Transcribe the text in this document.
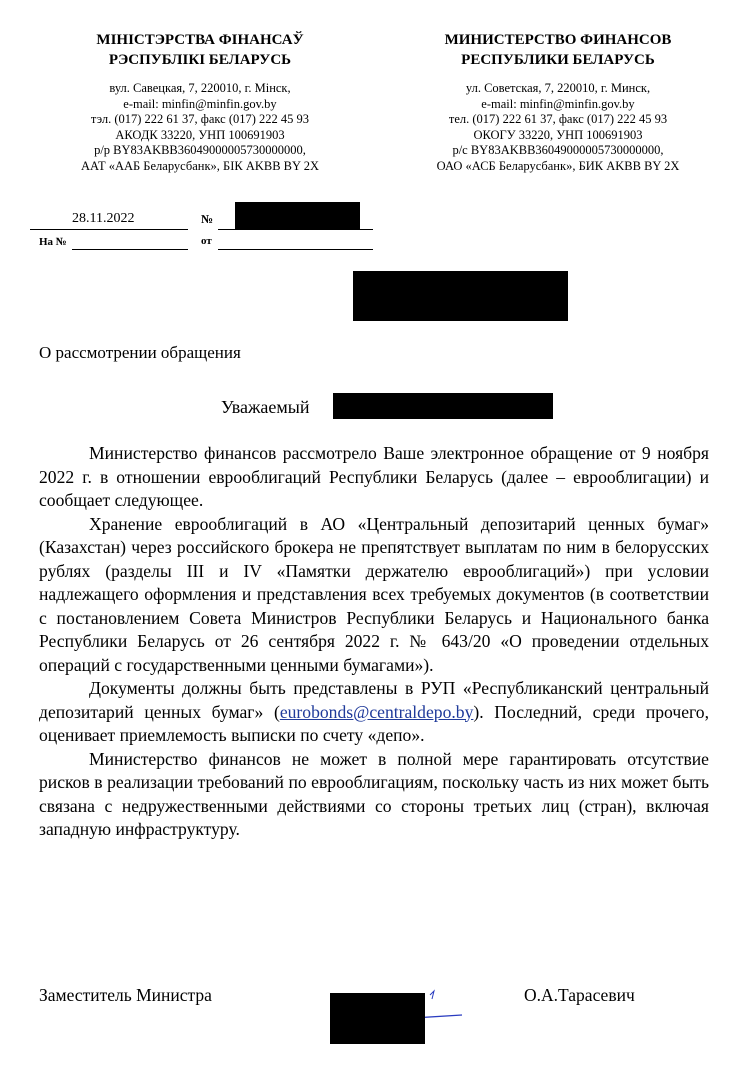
МІНІСТЭРСТВА ФІНАНСАЎ
РЭСПУБЛІКІ БЕЛАРУСЬ
вул. Савецкая, 7, 220010, г. Мінск,
e-mail: minfin@minfin.gov.by
тэл. (017) 222 61 37, факс (017) 222 45 93
АКОДК 33220, УНП 100691903
р/р BY83AKBB36049000005730000000,
ААТ «ААБ Беларусбанк», БІК AKBB BY 2X
МИНИСТЕРСТВО ФИНАНСОВ
РЕСПУБЛИКИ БЕЛАРУСЬ
ул. Советская, 7, 220010, г. Минск,
e-mail: minfin@minfin.gov.by
тел. (017) 222 61 37, факс (017) 222 45 93
ОКОГУ 33220, УНП 100691903
р/с BY83AKBB36049000005730000000,
ОАО «АСБ Беларусбанк», БИК AKBB BY 2X
28.11.2022	№
На №	от
О рассмотрении обращения
Уважаемый

Министерство финансов рассмотрело Ваше электронное обращение от 9 ноября 2022 г. в отношении еврооблигаций Республики Беларусь (далее – еврооблигации) и сообщает следующее.

Хранение еврооблигаций в АО «Центральный депозитарий ценных бумаг» (Казахстан) через российского брокера не препятствует выплатам по ним в белорусских рублях (разделы III и IV «Памятки держателю еврооблигаций») при условии надлежащего оформления и представления всех требуемых документов (в соответствии с постановлением Совета Министров Республики Беларусь и Национального банка Республики Беларусь от 26 сентября 2022 г. № 643/20 «О проведении отдельных операций с государственными ценными бумагами»).

Документы должны быть представлены в РУП «Республиканский центральный депозитарий ценных бумаг» (eurobonds@centraldepo.by). Последний, среди прочего, оценивает приемлемость выписки по счету «депо».

Министерство финансов не может в полной мере гарантировать отсутствие рисков в реализации требований по еврооблигациям, поскольку часть из них может быть связана с недружественными действиями со стороны третьих лиц (стран), включая западную инфраструктуру.

Заместитель Министра	О.А.Тарасевич
